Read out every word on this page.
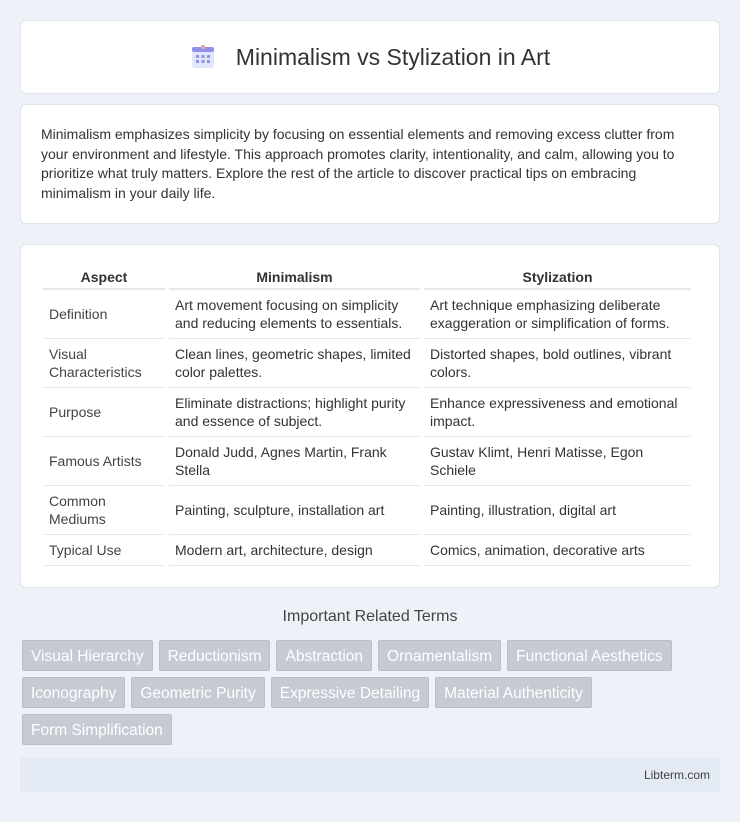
Minimalism vs Stylization in Art

Minimalism emphasizes simplicity by focusing on essential elements and removing excess clutter from your environment and lifestyle. This approach promotes clarity, intentionality, and calm, allowing you to prioritize what truly matters. Explore the rest of the article to discover practical tips on embracing minimalism in your daily life.

Aspect	Minimalism	Stylization
Definition	Art movement focusing on simplicity and reducing elements to essentials.	Art technique emphasizing deliberate exaggeration or simplification of forms.
Visual Characteristics	Clean lines, geometric shapes, limited color palettes.	Distorted shapes, bold outlines, vibrant colors.
Purpose	Eliminate distractions; highlight purity and essence of subject.	Enhance expressiveness and emotional impact.
Famous Artists	Donald Judd, Agnes Martin, Frank Stella	Gustav Klimt, Henri Matisse, Egon Schiele
Common Mediums	Painting, sculpture, installation art	Painting, illustration, digital art
Typical Use	Modern art, architecture, design	Comics, animation, decorative arts
Important Related Terms
Visual Hierarchy	Reductionism	Abstraction	Ornamentalism	Functional Aesthetics
Iconography	Geometric Purity	Expressive Detailing	Material Authenticity
Form Simplification
Libterm.com
